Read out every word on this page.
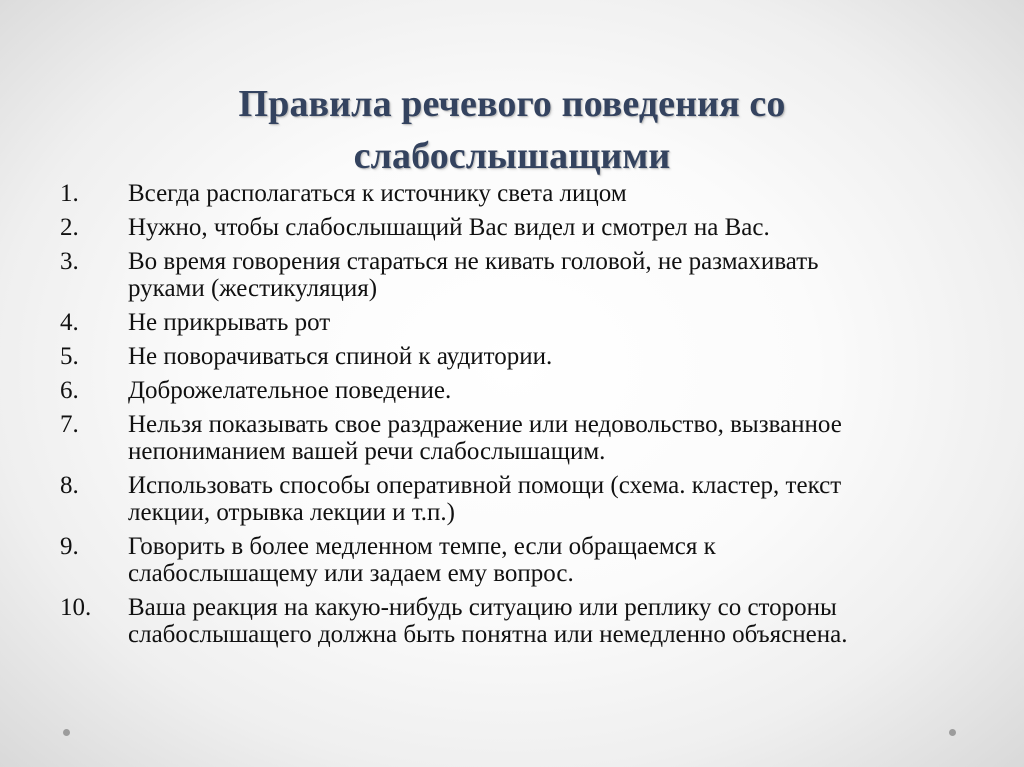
Правила речевого поведения со
слабослышащими
1.	Всегда располагаться к источнику света лицом
2.	Нужно, чтобы слабослышащий Вас видел и смотрел на Вас.
3.	Во время говорения стараться не кивать головой, не размахивать
руками (жестикуляция)
4.	Не прикрывать рот
5.	Не поворачиваться спиной к аудитории.
6.	Доброжелательное поведение.
7.	Нельзя показывать свое раздражение или недовольство, вызванное
непониманием вашей речи слабослышащим.
8.	Использовать способы оперативной помощи (схема. кластер, текст
лекции, отрывка лекции и т.п.)
9.	Говорить в более медленном темпе, если обращаемся к
слабослышащему или задаем ему вопрос.
10.	Ваша реакция на какую-нибудь ситуацию или реплику со стороны
слабослышащего должна быть понятна или немедленно объяснена.
